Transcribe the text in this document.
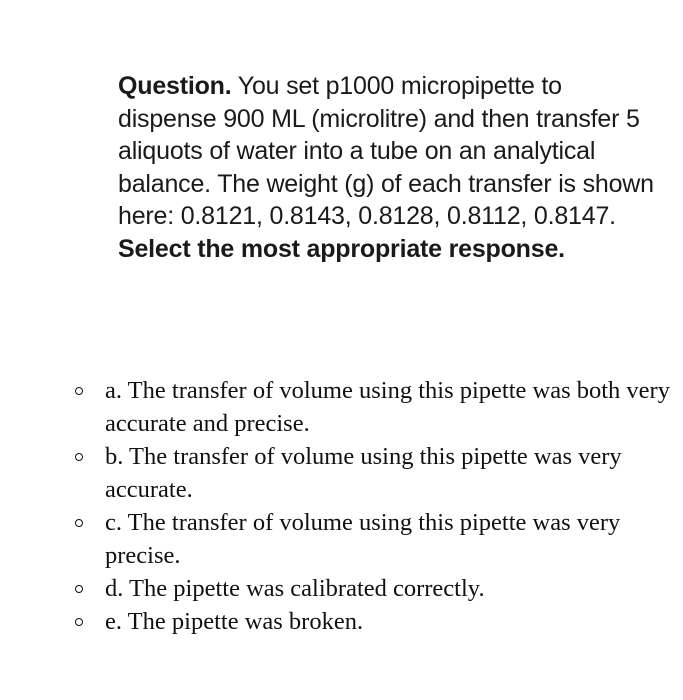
Question. You set p1000 micropipette to dispense 900 ML (microlitre) and then transfer 5 aliquots of water into a tube on an analytical balance. The weight (g) of each transfer is shown here: 0.8121, 0.8143, 0.8128, 0.8112, 0.8147. Select the most appropriate response.
a. The transfer of volume using this pipette was both very accurate and precise.
b. The transfer of volume using this pipette was very accurate.
c. The transfer of volume using this pipette was very precise.
d. The pipette was calibrated correctly.
e. The pipette was broken.
